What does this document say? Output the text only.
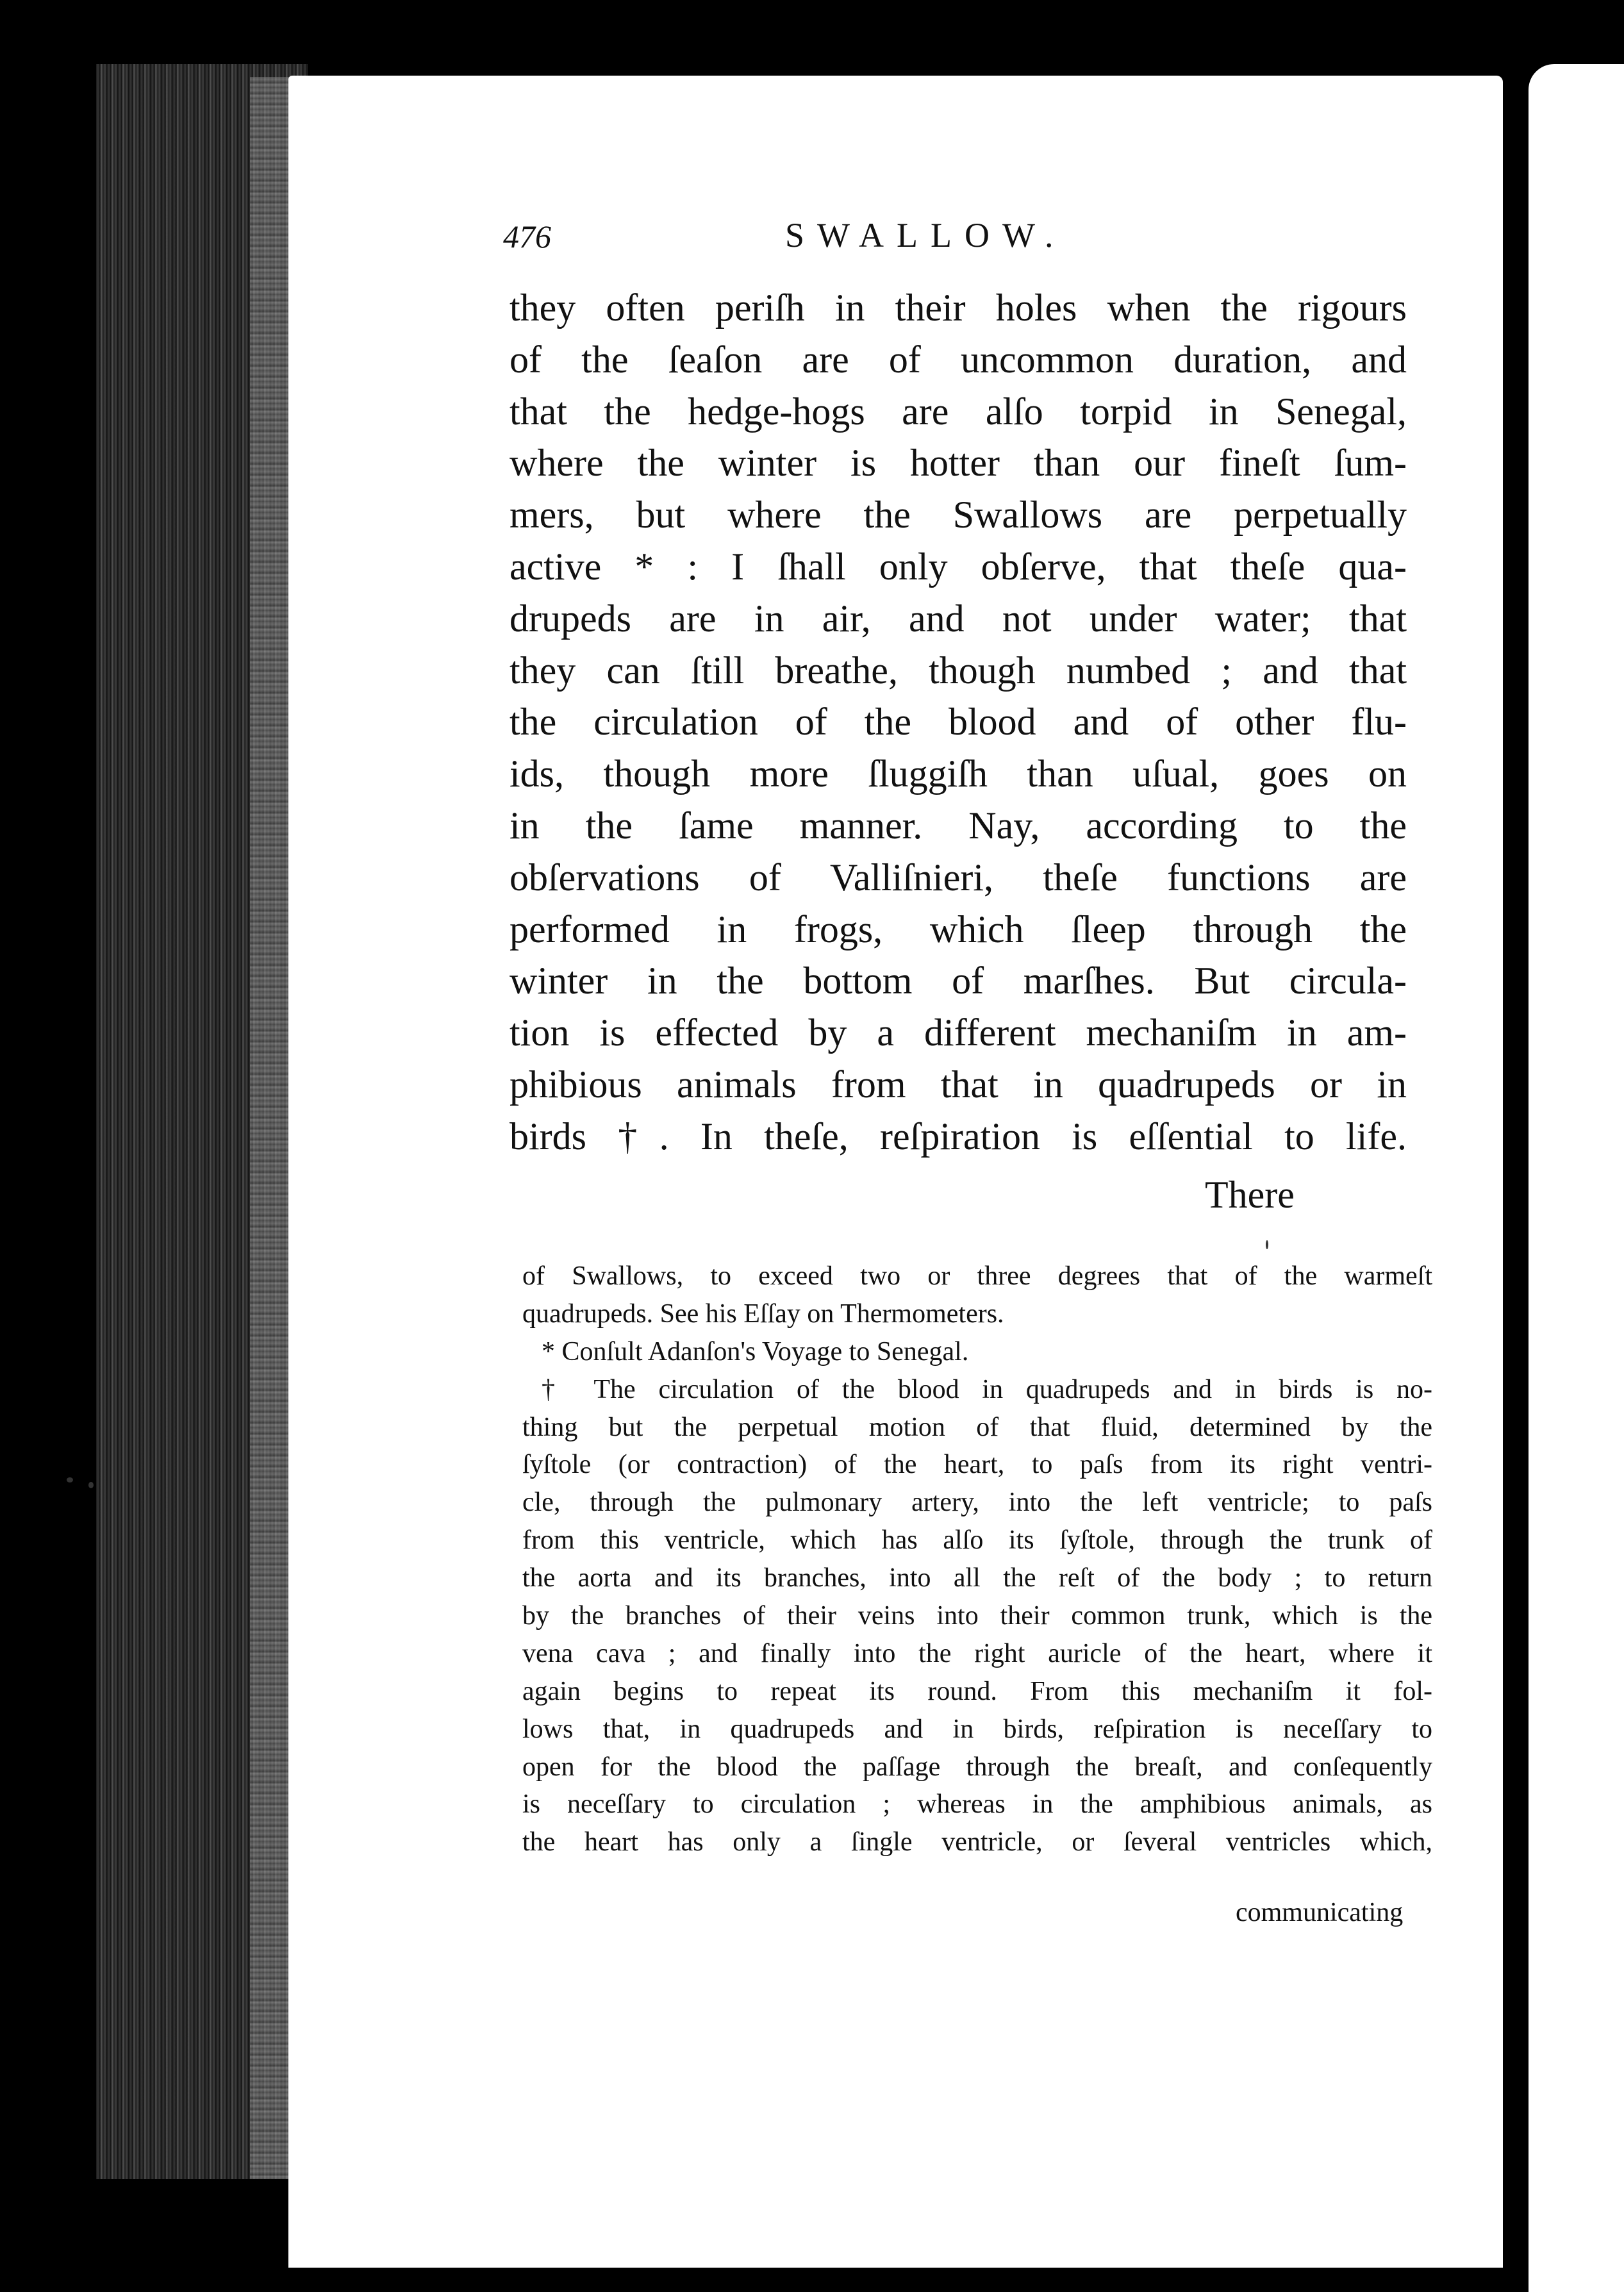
476	SWALLOW.
they often periſh in their holes when the rigours
of the ſeaſon are of uncommon duration, and
that the hedge-hogs are alſo torpid in Senegal,
where the winter is hotter than our fineſt ſum-
mers, but where the Swallows are perpetually
active * : I ſhall only obſerve, that theſe qua-
drupeds are in air, and not under water; that
they can ſtill breathe, though numbed ; and that
the circulation of the blood and of other flu-
ids, though more ſluggiſh than uſual, goes on
in the ſame manner. Nay, according to the
obſervations of Valliſnieri, theſe functions are
performed in frogs, which ſleep through the
winter in the bottom of marſhes. But circula-
tion is effected by a different mechaniſm in am-
phibious animals from that in quadrupeds or in
birds †. In theſe, reſpiration is eſſential to life.
There
of Swallows, to exceed two or three degrees that of the warmeſt
quadrupeds. See his Eſſay on Thermometers.
* Conſult Adanſon's Voyage to Senegal.
† The circulation of the blood in quadrupeds and in birds is no-
thing but the perpetual motion of that fluid, determined by the
ſyſtole (or contraction) of the heart, to paſs from its right ventri-
cle, through the pulmonary artery, into the left ventricle; to paſs
from this ventricle, which has alſo its ſyſtole, through the trunk of
the aorta and its branches, into all the reſt of the body ; to return
by the branches of their veins into their common trunk, which is the
vena cava ; and finally into the right auricle of the heart, where it
again begins to repeat its round. From this mechaniſm it fol-
lows that, in quadrupeds and in birds, reſpiration is neceſſary to
open for the blood the paſſage through the breaſt, and conſequently
is neceſſary to circulation ; whereas in the amphibious animals, as
the heart has only a ſingle ventricle, or ſeveral ventricles which,
communicating
